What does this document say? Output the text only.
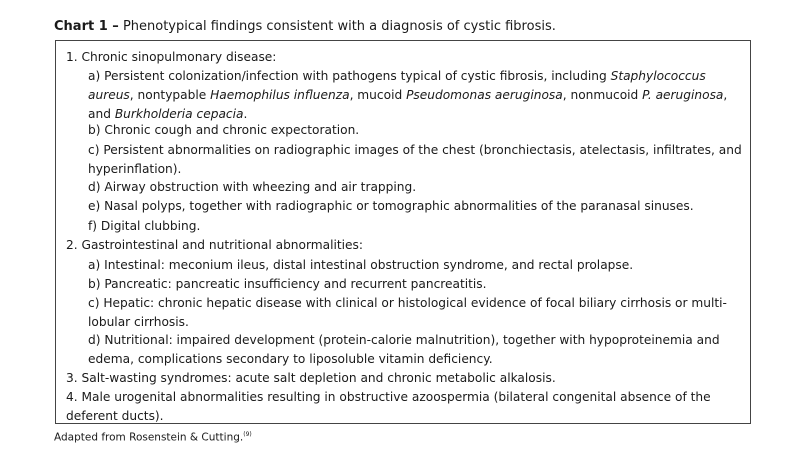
Chart 1 – Phenotypical findings consistent with a diagnosis of cystic fibrosis.
1. Chronic sinopulmonary disease:
a) Persistent colonization/infection with pathogens typical of cystic fibrosis, including Staphylococcus aureus, nontypable Haemophilus influenza, mucoid Pseudomonas aeruginosa, nonmucoid P. aeruginosa, and Burkholderia cepacia.
b) Chronic cough and chronic expectoration.
c) Persistent abnormalities on radiographic images of the chest (bronchiectasis, atelectasis, infiltrates, and hyperinflation).
d) Airway obstruction with wheezing and air trapping.
e) Nasal polyps, together with radiographic or tomographic abnormalities of the paranasal sinuses.
f) Digital clubbing.
2. Gastrointestinal and nutritional abnormalities:
a) Intestinal: meconium ileus, distal intestinal obstruction syndrome, and rectal prolapse.
b) Pancreatic: pancreatic insufficiency and recurrent pancreatitis.
c) Hepatic: chronic hepatic disease with clinical or histological evidence of focal biliary cirrhosis or multi-lobular cirrhosis.
d) Nutritional: impaired development (protein-calorie malnutrition), together with hypoproteinemia and edema, complications secondary to liposoluble vitamin deficiency.
3. Salt-wasting syndromes: acute salt depletion and chronic metabolic alkalosis.
4. Male urogenital abnormalities resulting in obstructive azoospermia (bilateral congenital absence of the deferent ducts).
Adapted from Rosenstein & Cutting.$^{(9)}$
